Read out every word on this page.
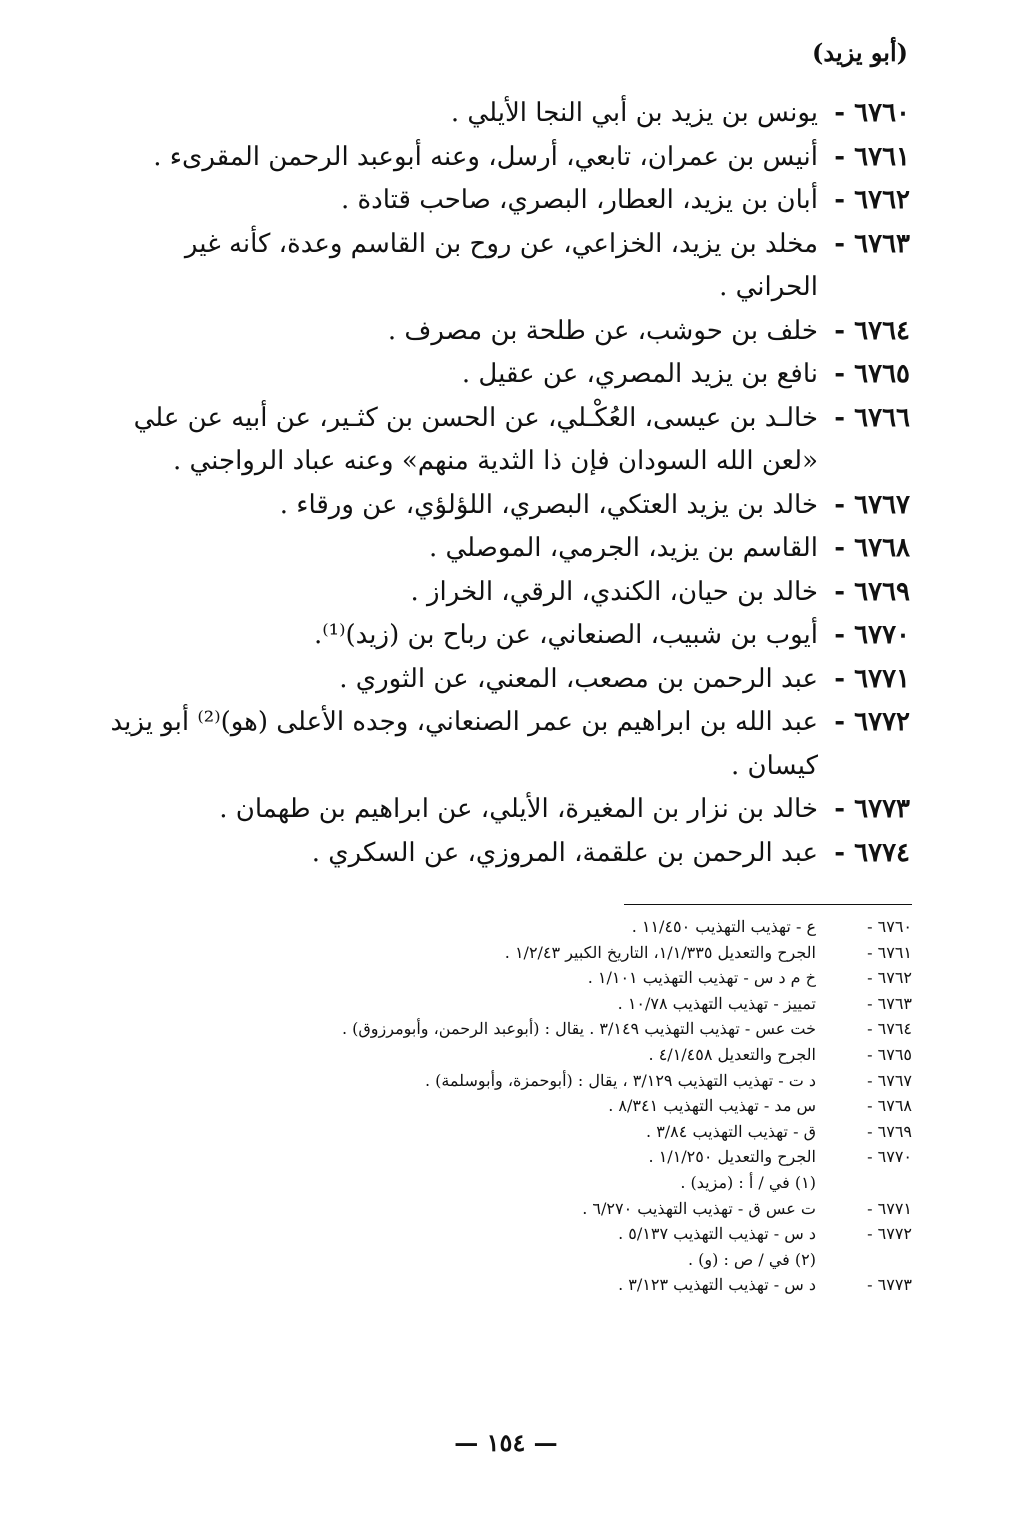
(أبو يزيد)
٦٧٦٠ -
يونس بن يزيد بن أبي النجا الأيلي .
٦٧٦١ -
أنيس بن عمران، تابعي، أرسل، وعنه أبوعبد الرحمن المقرىء .
٦٧٦٢ -
أبان بن يزيد، العطار، البصري، صاحب قتادة .
٦٧٦٣ -
مخلد بن يزيد، الخزاعي، عن روح بن القاسم وعدة، كأنه غير الحراني .
٦٧٦٤ -
خلف بن حوشب، عن طلحة بن مصرف .
٦٧٦٥ -
نافع بن يزيد المصري، عن عقيل .
٦٧٦٦ -
خالـد بن عيسى، العُكْـلي، عن الحسن بن كثـير، عن أبيه عن علي «لعن الله السودان فإن ذا الثدية منهم» وعنه عباد الرواجني .
٦٧٦٧ -
خالد بن يزيد العتكي، البصري، اللؤلؤي، عن ورقاء .
٦٧٦٨ -
القاسم بن يزيد، الجرمي، الموصلي .
٦٧٦٩ -
خالد بن حيان، الكندي، الرقي، الخراز .
٦٧٧٠ -
أيوب بن شبيب، الصنعاني، عن رباح بن (زيد)⁽¹⁾.
٦٧٧١ -
عبد الرحمن بن مصعب، المعني، عن الثوري .
٦٧٧٢ -
عبد الله بن ابراهيم بن عمر الصنعاني، وجده الأعلى (هو)⁽²⁾ أبو يزيد كيسان .
٦٧٧٣ -
خالد بن نزار بن المغيرة، الأيلي، عن ابراهيم بن طهمان .
٦٧٧٤ -
عبد الرحمن بن علقمة، المروزي، عن السكري .
٦٧٦٠ -
ع - تهذيب التهذيب ١١/٤٥٠ .
٦٧٦١ -
الجرح والتعديل ١/١/٣٣٥، التاريخ الكبير ١/٢/٤٣ .
٦٧٦٢ -
خ م د س - تهذيب التهذيب ١/١٠١ .
٦٧٦٣ -
تمييز - تهذيب التهذيب ١٠/٧٨ .
٦٧٦٤ -
خت عس - تهذيب التهذيب ٣/١٤٩ . يقال : (أبوعبد الرحمن، وأبومرزوق) .
٦٧٦٥ -
الجرح والتعديل ٤/١/٤٥٨ .
٦٧٦٧ -
د ت - تهذيب التهذيب ٣/١٢٩ ، يقال : (أبوحمزة، وأبوسلمة) .
٦٧٦٨ -
س مد - تهذيب التهذيب ٨/٣٤١ .
٦٧٦٩ -
ق - تهذيب التهذيب ٣/٨٤ .
٦٧٧٠ -
الجرح والتعديل ١/١/٢٥٠ .
(١) في / أ : (مزيد) .
٦٧٧١ -
ت عس ق - تهذيب التهذيب ٦/٢٧٠ .
٦٧٧٢ -
د س - تهذيب التهذيب ٥/١٣٧ .
(٢) في / ص : (و) .
٦٧٧٣ -
د س - تهذيب التهذيب ٣/١٢٣ .
— ١٥٤ —
